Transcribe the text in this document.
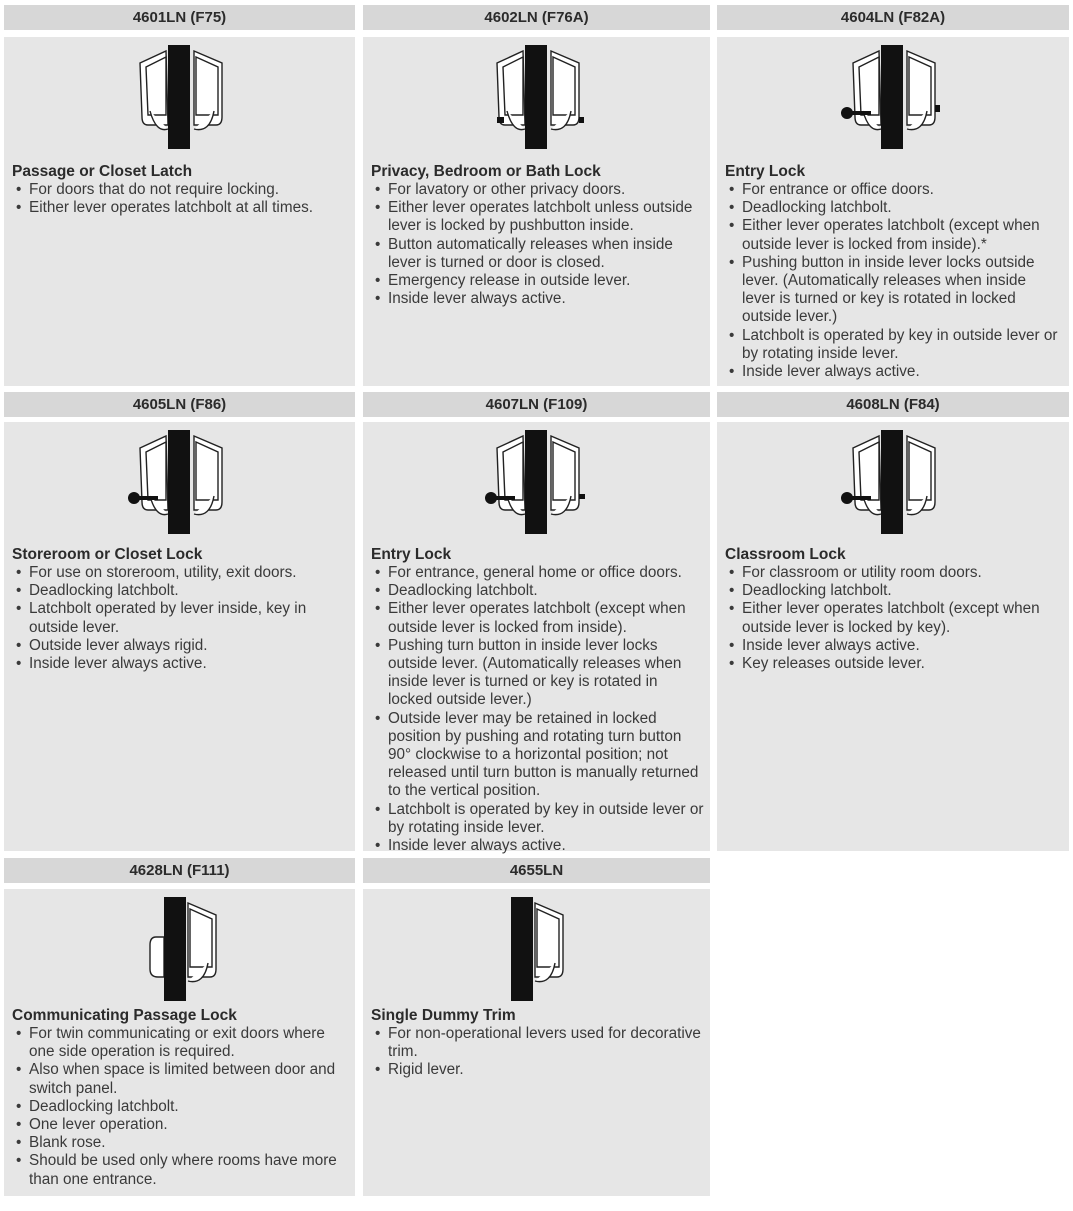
4601LN (F75)
Passage or Closet Latch
• For doors that do not require locking.
• Either lever operates latchbolt at all times.
4602LN (F76A)
Privacy, Bedroom or Bath Lock
• For lavatory or other privacy doors.
• Either lever operates latchbolt unless outside lever is locked by pushbutton inside.
• Button automatically releases when inside lever is turned or door is closed.
• Emergency release in outside lever.
• Inside lever always active.
4604LN (F82A)
Entry Lock
• For entrance or office doors.
• Deadlocking latchbolt.
• Either lever operates latchbolt (except when outside lever is locked from inside).*
• Pushing button in inside lever locks outside lever. (Automatically releases when inside lever is turned or key is rotated in locked outside lever.)
• Latchbolt is operated by key in outside lever or by rotating inside lever.
• Inside lever always active.
4605LN (F86)
Storeroom or Closet Lock
• For use on storeroom, utility, exit doors.
• Deadlocking latchbolt.
• Latchbolt operated by lever inside, key in outside lever.
• Outside lever always rigid.
• Inside lever always active.
4607LN (F109)
Entry Lock
• For entrance, general home or office doors.
• Deadlocking latchbolt.
• Either lever operates latchbolt (except when outside lever is locked from inside).
• Pushing turn button in inside lever locks outside lever. (Automatically releases when inside lever is turned or key is rotated in locked outside lever.)
• Outside lever may be retained in locked position by pushing and rotating turn button 90° clockwise to a horizontal position; not released until turn button is manually returned to the vertical position.
• Latchbolt is operated by key in outside lever or by rotating inside lever.
• Inside lever always active.
4608LN (F84)
Classroom Lock
• For classroom or utility room doors.
• Deadlocking latchbolt.
• Either lever operates latchbolt (except when outside lever is locked by key).
• Inside lever always active.
• Key releases outside lever.
4628LN (F111)
Communicating Passage Lock
• For twin communicating or exit doors where one side operation is required.
• Also when space is limited between door and switch panel.
• Deadlocking latchbolt.
• One lever operation.
• Blank rose.
• Should be used only where rooms have more than one entrance.
4655LN
Single Dummy Trim
• For non-operational levers used for decorative trim.
• Rigid lever.
